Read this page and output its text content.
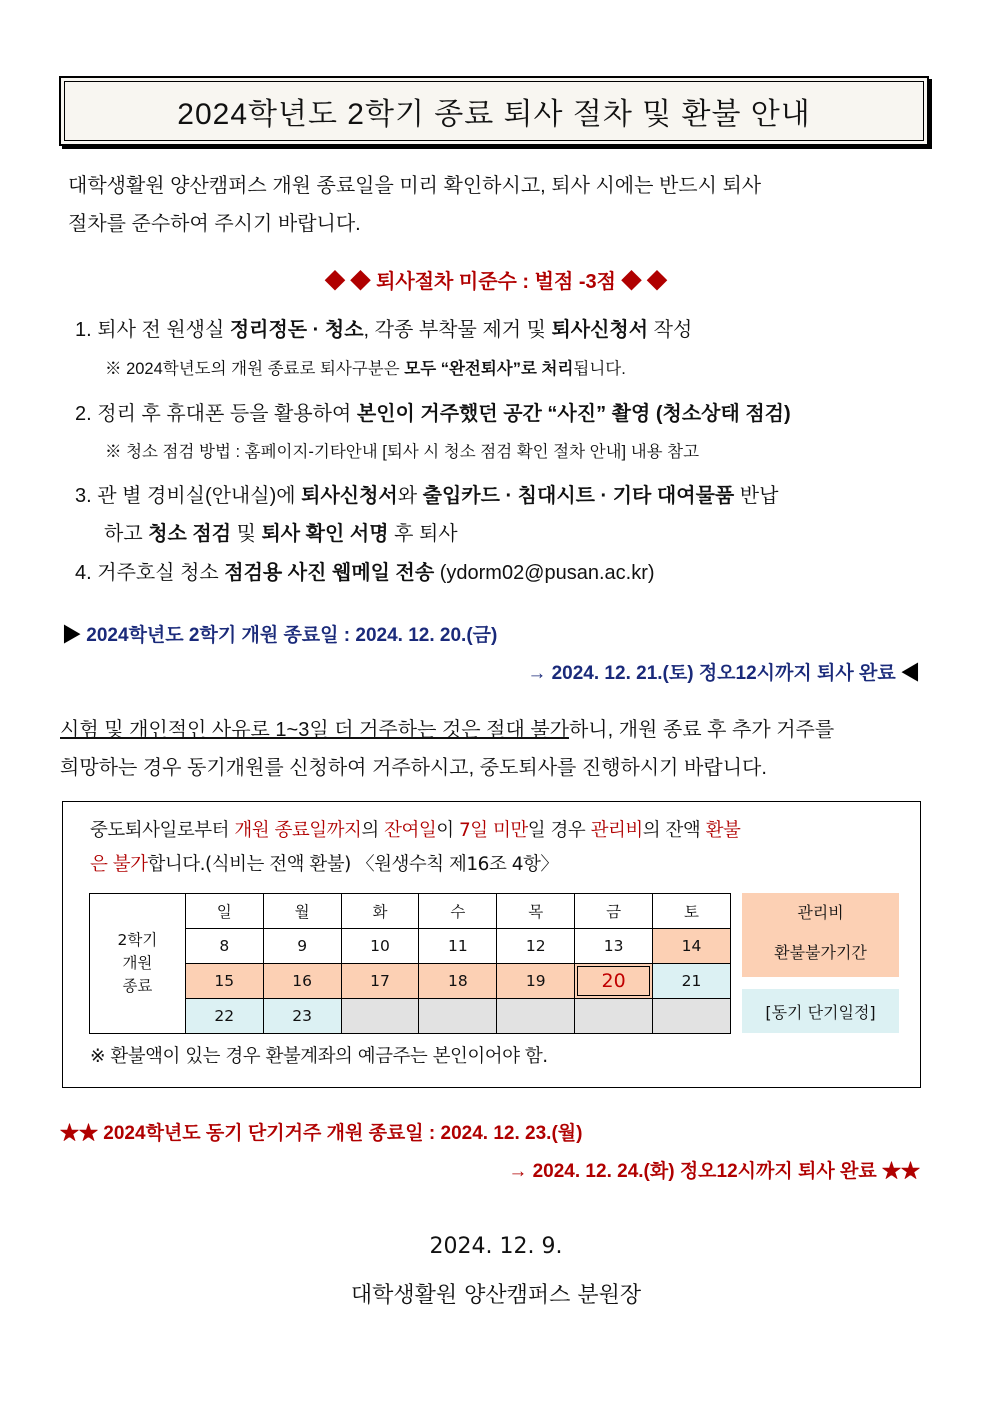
2024학년도 2학기 종료 퇴사 절차 및 환불 안내
대학생활원 양산캠퍼스 개원 종료일을 미리 확인하시고, 퇴사 시에는 반드시 퇴사
절차를 준수하여 주시기 바랍니다.
◆ ◆ 퇴사절차 미준수 : 벌점 -3점 ◆ ◆
1. 퇴사 전 원생실 정리정돈 · 청소, 각종 부착물 제거 및 퇴사신청서 작성
※ 2024학년도의 개원 종료로 퇴사구분은 모두 “완전퇴사”로 처리됩니다.
2. 정리 후 휴대폰 등을 활용하여 본인이 거주했던 공간 “사진” 촬영 (청소상태 점검)
※ 청소 점검 방법 : 홈페이지-기타안내 [퇴사 시 청소 점검 확인 절차 안내] 내용 참고
3. 관 별 경비실(안내실)에 퇴사신청서와 출입카드 · 침대시트 · 기타 대여물품 반납
하고 청소 점검 및 퇴사 확인 서명 후 퇴사
4. 거주호실 청소 점검용 사진 웹메일 전송 (ydorm02@pusan.ac.kr)
▶ 2024학년도 2학기 개원 종료일 : 2024. 12. 20.(금)
→ 2024. 12. 21.(토) 정오12시까지 퇴사 완료 ◀
시험 및 개인적인 사유로 1~3일 더 거주하는 것은 절대 불가하니, 개원 종료 후 추가 거주를
희망하는 경우 동기개원를 신청하여 거주하시고, 중도퇴사를 진행하시기 바랍니다.
중도퇴사일로부터 개원 종료일까지의 잔여일이 7일 미만일 경우 관리비의 잔액 환불
은 불가합니다.(식비는 전액 환불) 〈원생수칙 제16조 4항〉
2학기
개원
종료	일	월	화	수	목	금	토
	8	9	10	11	12	13	14
	15	16	17	18	19	20	21
	22	23					
관리비
환불불가기간
[동기 단기일정]
※ 환불액이 있는 경우 환불계좌의 예금주는 본인이어야 함.
★★ 2024학년도 동기 단기거주 개원 종료일 : 2024. 12. 23.(월)
→ 2024. 12. 24.(화) 정오12시까지 퇴사 완료 ★★
2024. 12. 9.
대학생활원 양산캠퍼스 분원장
